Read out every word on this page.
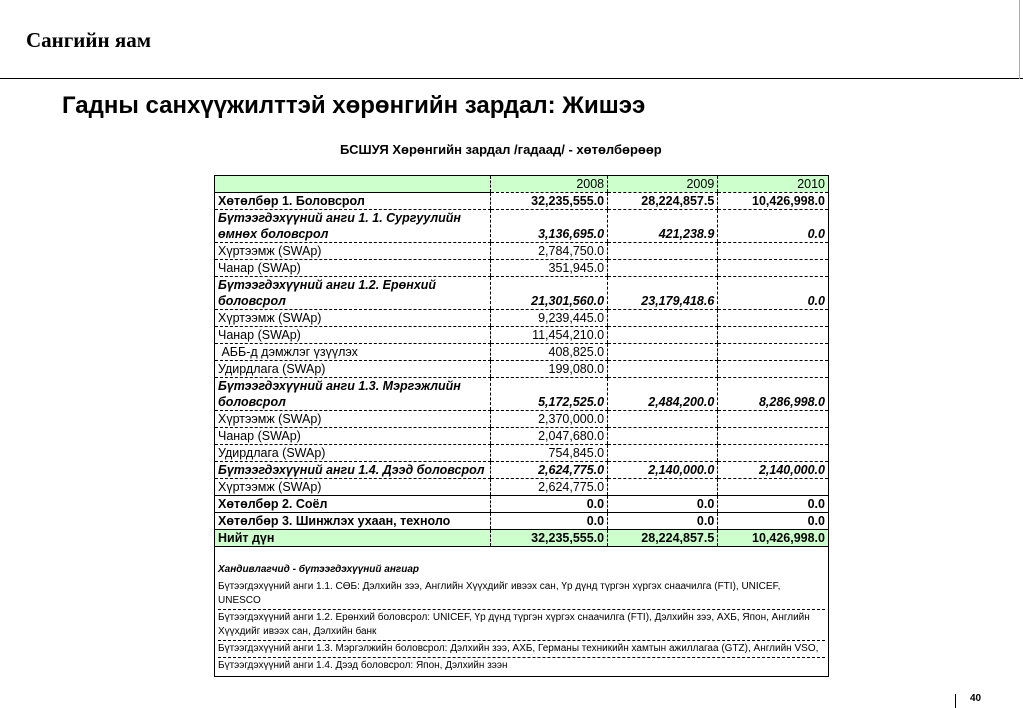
Сангийн яам
Гадны санхүүжилттэй хөрөнгийн зардал: Жишээ
БСШУЯ Хөрөнгийн зардал /гадаад/ - хөтөлбөрөөр
	2008	2009	2010
Хөтөлбөр 1. Боловсрол	32,235,555.0	28,224,857.5	10,426,998.0
Бүтээгдэхүүний анги 1. 1. Сургуулийн өмнөх боловсрол	3,136,695.0	421,238.9	0.0
Хүртээмж (SWAp)	2,784,750.0		
Чанар (SWAp)	351,945.0		
Бүтээгдэхүүний анги 1.2. Ерөнхий боловсрол	21,301,560.0	23,179,418.6	0.0
Хүртээмж (SWAp)	9,239,445.0		
Чанар (SWAp)	11,454,210.0		
АББ-д дэмжлэг үзүүлэх	408,825.0		
Удирдлага (SWAp)	199,080.0		
Бүтээгдэхүүний анги 1.3. Мэргэжлийн боловсрол	5,172,525.0	2,484,200.0	8,286,998.0
Хүртээмж (SWAp)	2,370,000.0		
Чанар (SWAp)	2,047,680.0		
Удирдлага (SWAp)	754,845.0		
Бүтээгдэхүүний анги 1.4. Дээд боловсрол	2,624,775.0	2,140,000.0	2,140,000.0
Хүртээмж (SWAp)	2,624,775.0		
Хөтөлбөр 2. Соёл	0.0	0.0	0.0
Хөтөлбөр 3. Шинжлэх ухаан, техноло	0.0	0.0	0.0
Нийт дүн	32,235,555.0	28,224,857.5	10,426,998.0
Хандивлагчид - бүтээгдэхүүний ангиар
Бүтээгдэхүүний анги 1.1. СӨБ: Дэлхийн зээ, Английн Хүүхдийг ивээх сан, Үр дүнд түргэн хүргэх снаачилга (FTI), UNICEF, UNESCO
Бүтээгдэхүүний анги 1.2. Ерөнхий боловсрол: UNICEF, Үр дүнд түргэн хүргэх снаачилга (FTI), Дэлхийн зээ, АХБ, Япон, Английн Хүүхдийг ивээх сан, Дэлхийн банк
Бүтээгдэхүүний анги 1.3. Мэргэлжийн боловсрол: Дэлхийн зээ, АХБ, Германы техникийн хамтын ажиллагаа (GTZ), Английн VSO,
Бүтээгдэхүүний анги 1.4. Дээд боловсрол: Япон, Дэлхийн зээн
40
